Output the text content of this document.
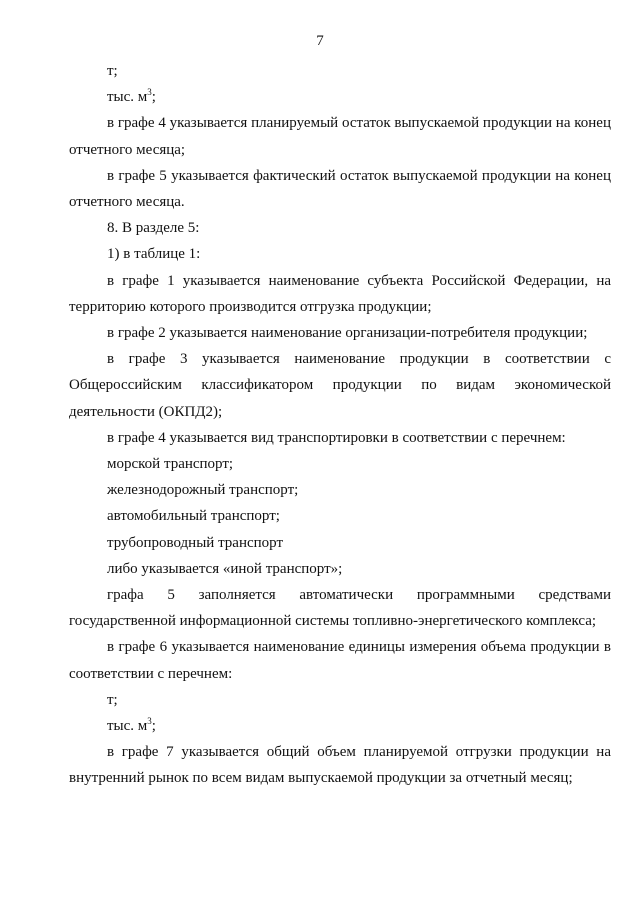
7

т;

тыс. $м^3$;

в графе 4 указывается планируемый остаток выпускаемой продукции на конец отчетного месяца;

в графе 5 указывается фактический остаток выпускаемой продукции на конец отчетного месяца.

8. В разделе 5:

1) в таблице 1:

в графе 1 указывается наименование субъекта Российской Федерации, на территорию которого производится отгрузка продукции;

в графе 2 указывается наименование организации-потребителя продукции;

в графе 3 указывается наименование продукции в соответствии с Общероссийским классификатором продукции по видам экономической деятельности (ОКПД2);

в графе 4 указывается вид транспортировки в соответствии с перечнем:

морской транспорт;

железнодорожный транспорт;

автомобильный транспорт;

трубопроводный транспорт

либо указывается «иной транспорт»;

графа 5 заполняется автоматически программными средствами государственной информационной системы топливно-энергетического комплекса;

в графе 6 указывается наименование единицы измерения объема продукции в соответствии с перечнем:

т;

тыс. $м^3$;

в графе 7 указывается общий объем планируемой отгрузки продукции на внутренний рынок по всем видам выпускаемой продукции за отчетный месяц;
